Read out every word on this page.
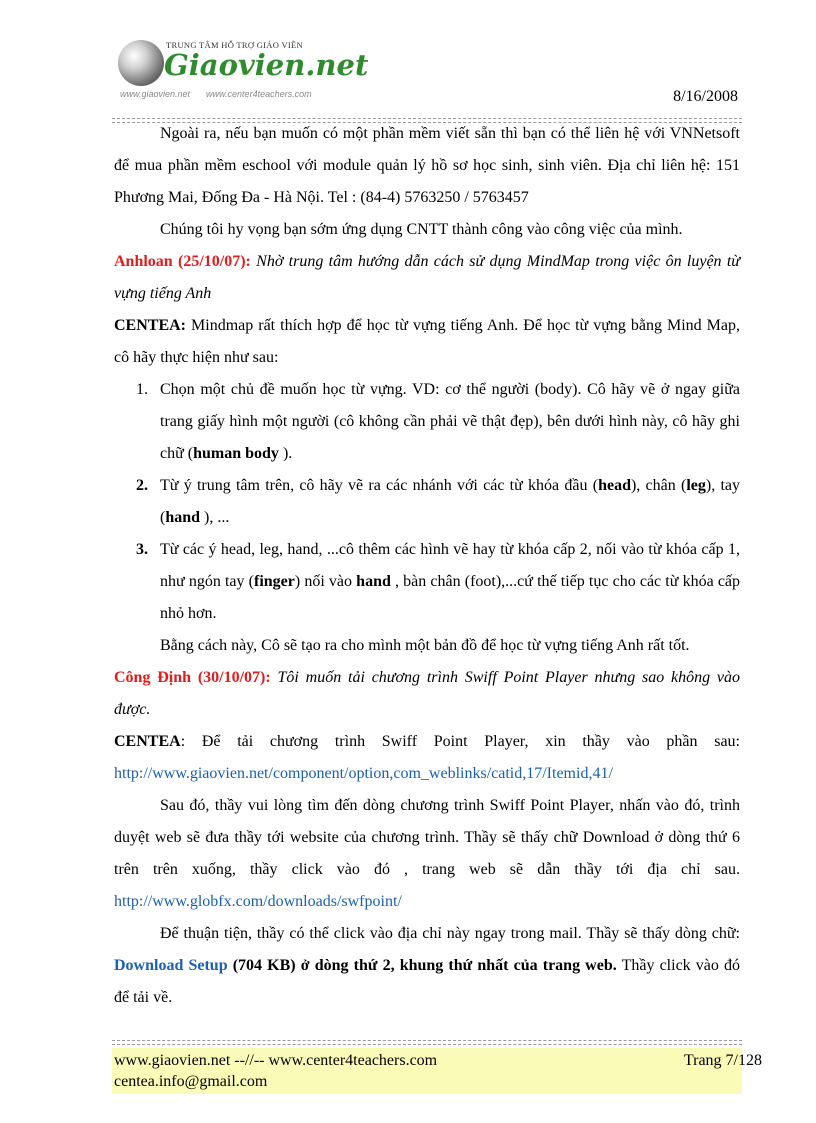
TRUNG TÂM HỖ TRỢ GIÁO VIÊN
Giaovien.net
www.giaovien.net www.center4teachers.com	8/16/2008

Ngoài ra, nếu bạn muốn có một phần mềm viết sẵn thì bạn có thể liên hệ với VNNetsoft để mua phần mềm eschool với module quản lý hồ sơ học sinh, sinh viên. Địa chỉ liên hệ: 151 Phương Mai, Đống Đa - Hà Nội. Tel : (84-4) 5763250 / 5763457

Chúng tôi hy vọng bạn sớm ứng dụng CNTT thành công vào công việc của mình.

Anhloan (25/10/07): Nhờ trung tâm hướng dẫn cách sử dụng MindMap trong việc ôn luyện từ vựng tiếng Anh

CENTEA: Mindmap rất thích hợp để học từ vựng tiếng Anh. Để học từ vựng bằng Mind Map, cô hãy thực hiện như sau:

1. Chọn một chủ đề muốn học từ vựng. VD: cơ thể người (body). Cô hãy vẽ ở ngay giữa trang giấy hình một người (cô không cần phải vẽ thật đẹp), bên dưới hình này, cô hãy ghi chữ (human body ).
2. Từ ý trung tâm trên, cô hãy vẽ ra các nhánh với các từ khóa đầu (head), chân (leg), tay (hand ), ...
3. Từ các ý head, leg, hand, ...cô thêm các hình vẽ hay từ khóa cấp 2, nối vào từ khóa cấp 1, như ngón tay (finger) nối vào hand , bàn chân (foot),...cứ thế tiếp tục cho các từ khóa cấp nhỏ hơn.

Bằng cách này, Cô sẽ tạo ra cho mình một bản đồ để học từ vựng tiếng Anh rất tốt.

Công Định (30/10/07): Tôi muốn tải chương trình Swiff Point Player nhưng sao không vào được.

CENTEA: Để tải chương trình Swiff Point Player, xin thầy vào phần sau: http://www.giaovien.net/component/option,com_weblinks/catid,17/Itemid,41/

Sau đó, thầy vui lòng tìm đến dòng chương trình Swiff Point Player, nhấn vào đó, trình duyệt web sẽ đưa thầy tới website của chương trình. Thầy sẽ thấy chữ Download ở dòng thứ 6 trên trên xuống, thầy click vào đó , trang web sẽ dẫn thầy tới địa chỉ sau. http://www.globfx.com/downloads/swfpoint/

Để thuận tiện, thầy có thể click vào địa chỉ này ngay trong mail. Thầy sẽ thấy dòng chữ: Download Setup (704 KB) ở dòng thứ 2, khung thứ nhất của trang web. Thầy click vào đó để tải về.

www.giaovien.net --//-- www.center4teachers.com
centea.info@gmail.com
Trang 7/128
